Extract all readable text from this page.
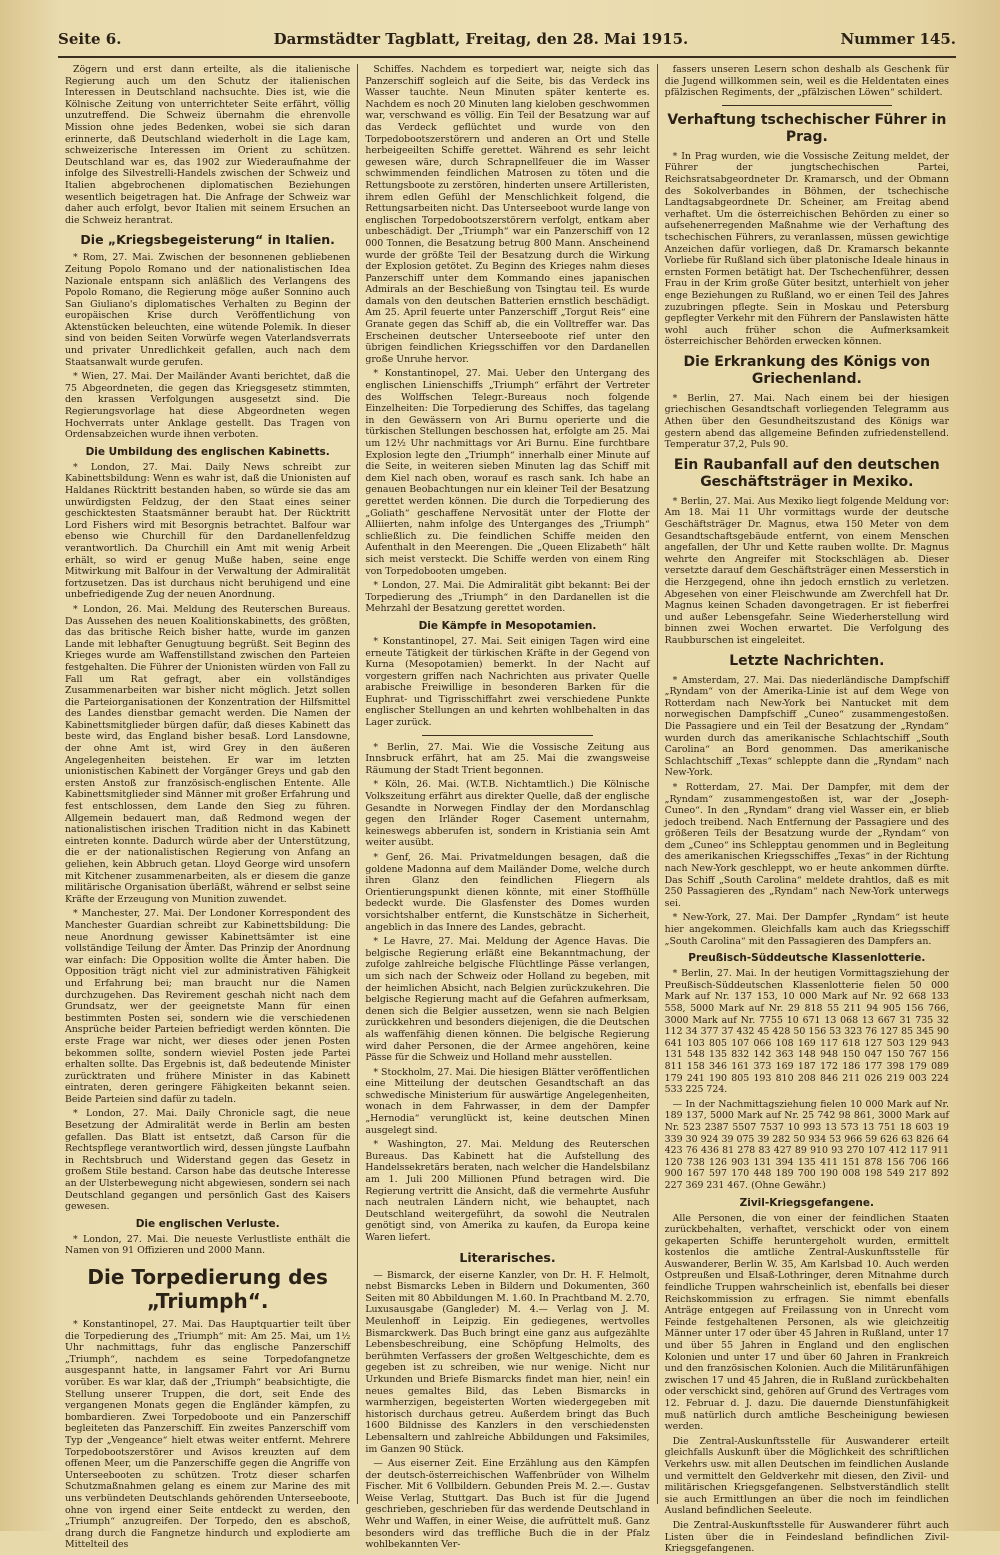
Seite 6.	Darmstädter Tagblatt, Freitag, den 28. Mai 1915.	Nummer 145.

Zögern und erst dann erteilte, als die italienische Regierung auch um den Schutz der italienischen Interessen in Deutschland nachsuchte. Dies ist, wie die Kölnische Zeitung von unterrichteter Seite erfährt, völlig unzutreffend. Die Schweiz übernahm die ehrenvolle Mission ohne jedes Bedenken, wobei sie sich daran erinnerte, daß Deutschland wiederholt in die Lage kam, schweizerische Interessen im Orient zu schützen. Deutschland war es, das 1902 zur Wiederaufnahme der infolge des Silvestrelli-Handels zwischen der Schweiz und Italien abgebrochenen diplomatischen Beziehungen wesentlich beigetragen hat. Die Anfrage der Schweiz war daher auch erfolgt, bevor Italien mit seinem Ersuchen an die Schweiz herantrat.

Die „Kriegsbegeisterung“ in Italien.

* Rom, 27. Mai. Zwischen der besonnenen gebliebenen Zeitung Popolo Romano und der nationalistischen Idea Nazionale entspann sich anläßlich des Verlangens des Popolo Romano, die Regierung möge außer Sonnino auch San Giuliano's diplomatisches Verhalten zu Beginn der europäischen Krise durch Veröffentlichung von Aktenstücken beleuchten, eine wütende Polemik. In dieser sind von beiden Seiten Vorwürfe wegen Vaterlandsverrats und privater Unredlichkeit gefallen, auch nach dem Staatsanwalt wurde gerufen.

* Wien, 27. Mai. Der Mailänder Avanti berichtet, daß die 75 Abgeordneten, die gegen das Kriegsgesetz stimmten, den krassen Verfolgungen ausgesetzt sind. Die Regierungsvorlage hat diese Abgeordneten wegen Hochverrats unter Anklage gestellt. Das Tragen von Ordensabzeichen wurde ihnen verboten.

Die Umbildung des englischen Kabinetts.

* London, 27. Mai. Daily News schreibt zur Kabinettsbildung: Wenn es wahr ist, daß die Unionisten auf Haldanes Rücktritt bestanden haben, so würde sie das am unwürdigsten Feldzug, der den Staat eines seiner geschicktesten Staatsmänner beraubt hat. Der Rücktritt Lord Fishers wird mit Besorgnis betrachtet. Balfour war ebenso wie Churchill für den Dardanellenfeldzug verantwortlich. Da Churchill ein Amt mit wenig Arbeit erhält, so wird er genug Muße haben, seine enge Mitwirkung mit Balfour in der Verwaltung der Admiralität fortzusetzen. Das ist durchaus nicht beruhigend und eine unbefriedigende Zug der neuen Anordnung.

* London, 26. Mai. Meldung des Reuterschen Bureaus. Das Aussehen des neuen Koalitionskabinetts, des größten, das das britische Reich bisher hatte, wurde im ganzen Lande mit lebhafter Genugtuung begrüßt. Seit Beginn des Krieges wurde am Waffenstillstand zwischen den Parteien festgehalten. Die Führer der Unionisten würden von Fall zu Fall um Rat gefragt, aber ein vollständiges Zusammenarbeiten war bisher nicht möglich. Jetzt sollen die Parteiorganisationen der Konzentration der Hilfsmittel des Landes dienstbar gemacht werden. Die Namen der Kabinettsmitglieder bürgen dafür, daß dieses Kabinett das beste wird, das England bisher besaß. Lord Lansdowne, der ohne Amt ist, wird Grey in den äußeren Angelegenheiten beistehen. Er war im letzten unionistischen Kabinett der Vorgänger Greys und gab den ersten Anstoß zur französisch-englischen Entente. Alle Kabinettsmitglieder sind Männer mit großer Erfahrung und fest entschlossen, dem Lande den Sieg zu führen. Allgemein bedauert man, daß Redmond wegen der nationalistischen irischen Tradition nicht in das Kabinett eintreten konnte. Dadurch würde aber der Unterstützung, die er der nationalistischen Regierung von Anfang an geliehen, kein Abbruch getan. Lloyd George wird unsofern mit Kitchener zusammenarbeiten, als er diesem die ganze militärische Organisation überläßt, während er selbst seine Kräfte der Erzeugung von Munition zuwendet.

* Manchester, 27. Mai. Der Londoner Korrespondent des Manchester Guardian schreibt zur Kabinettsbildung: Die neue Anordnung gewisser Kabinettsämter ist eine vollständige Teilung der Ämter. Das Prinzip der Anordnung war einfach: Die Opposition wollte die Ämter haben. Die Opposition trägt nicht viel zur administrativen Fähigkeit und Erfahrung bei; man braucht nur die Namen durchzugehen. Das Revirement geschah nicht nach dem Grundsatz, wer der geeignetste Mann für einen bestimmten Posten sei, sondern wie die verschiedenen Ansprüche beider Parteien befriedigt werden könnten. Die erste Frage war nicht, wer dieses oder jenen Posten bekommen sollte, sondern wieviel Posten jede Partei erhalten sollte. Das Ergebnis ist, daß bedeutende Minister zurücktraten und frühere Minister in das Kabinett eintraten, deren geringere Fähigkeiten bekannt seien. Beide Parteien sind dafür zu tadeln.

* London, 27. Mai. Daily Chronicle sagt, die neue Besetzung der Admiralität werde in Berlin am besten gefallen. Das Blatt ist entsetzt, daß Carson für die Rechtspflege verantwortlich wird, dessen jüngste Laufbahn in Rechtsbruch und Widerstand gegen das Gesetz in großem Stile bestand. Carson habe das deutsche Interesse an der Ulsterbewegung nicht abgewiesen, sondern sei nach Deutschland gegangen und persönlich Gast des Kaisers gewesen.

Die englischen Verluste.

* London, 27. Mai. Die neueste Verlustliste enthält die Namen von 91 Offizieren und 2000 Mann.

Die Torpedierung des „Triumph“.

* Konstantinopel, 27. Mai. Das Hauptquartier teilt über die Torpedierung des „Triumph“ mit: Am 25. Mai, um 1½ Uhr nachmittags, fuhr das englische Panzerschiff „Triumph“, nachdem es seine Torpedofangnetze ausgespannt hatte, in langsamer Fahrt vor Ari Burnu vorüber. Es war klar, daß der „Triumph“ beabsichtigte, die Stellung unserer Truppen, die dort, seit Ende des vergangenen Monats gegen die Engländer kämpfen, zu bombardieren. Zwei Torpedoboote und ein Panzerschiff begleiteten das Panzerschiff. Ein zweites Panzerschiff vom Typ der „Vengeance“ hielt etwas weiter entfernt. Mehrere Torpedobootszerstörer und Avisos kreuzten auf dem offenen Meer, um die Panzerschiffe gegen die Angriffe von Unterseebooten zu schützen. Trotz dieser scharfen Schutzmaßnahmen gelang es einem zur Marine des mit uns verbündeten Deutschlands gehörenden Unterseeboote, ohne von irgend einer Seite entdeckt zu werden, den „Triumph“ anzugreifen. Der Torpedo, den es abschoß, drang durch die Fangnetze hindurch und explodierte am Mittelteil des

Schiffes. Nachdem es torpediert war, neigte sich das Panzerschiff sogleich auf die Seite, bis das Verdeck ins Wasser tauchte. Neun Minuten später kenterte es. Nachdem es noch 20 Minuten lang kieloben geschwommen war, verschwand es völlig. Ein Teil der Besatzung war auf das Verdeck geflüchtet und wurde von den Torpedobootszerstörern und anderen an Ort und Stelle herbeigeeilten Schiffe gerettet. Während es sehr leicht gewesen wäre, durch Schrapnellfeuer die im Wasser schwimmenden feindlichen Matrosen zu töten und die Rettungsboote zu zerstören, hinderten unsere Artilleristen, ihrem edlen Gefühl der Menschlichkeit folgend, die Rettungsarbeiten nicht. Das Unterseeboot wurde lange von englischen Torpedobootszerstörern verfolgt, entkam aber unbeschädigt. Der „Triumph“ war ein Panzerschiff von 12 000 Tonnen, die Besatzung betrug 800 Mann. Anscheinend wurde der größte Teil der Besatzung durch die Wirkung der Explosion getötet. Zu Beginn des Krieges nahm dieses Panzerschiff unter dem Kommando eines japanischen Admirals an der Beschießung von Tsingtau teil. Es wurde damals von den deutschen Batterien ernstlich beschädigt. Am 25. April feuerte unter Panzerschiff „Torgut Reis“ eine Granate gegen das Schiff ab, die ein Volltreffer war. Das Erscheinen deutscher Unterseeboote rief unter den übrigen feindlichen Kriegsschiffen vor den Dardanellen große Unruhe hervor.

* Konstantinopel, 27. Mai. Ueber den Untergang des englischen Linienschiffs „Triumph“ erfährt der Vertreter des Wolffschen Telegr.-Bureaus noch folgende Einzelheiten: Die Torpedierung des Schiffes, das tagelang in den Gewässern von Ari Burnu operierte und die türkischen Stellungen beschossen hat, erfolgte am 25. Mai um 12½ Uhr nachmittags vor Ari Burnu. Eine furchtbare Explosion legte den „Triumph“ innerhalb einer Minute auf die Seite, in weiteren sieben Minuten lag das Schiff mit dem Kiel nach oben, worauf es rasch sank. Ich habe an genauen Beobachtungen nur ein kleiner Teil der Besatzung gerettet werden können. Die durch die Torpedierung des „Goliath“ geschaffene Nervosität unter der Flotte der Alliierten, nahm infolge des Unterganges des „Triumph“ schließlich zu. Die feindlichen Schiffe meiden den Aufenthalt in den Meerengen. Die „Queen Elizabeth“ hält sich meist versteckt. Die Schiffe werden von einem Ring von Torpedobooten umgeben.

* London, 27. Mai. Die Admiralität gibt bekannt: Bei der Torpedierung des „Triumph“ in den Dardanellen ist die Mehrzahl der Besatzung gerettet worden.

Die Kämpfe in Mesopotamien.

* Konstantinopel, 27. Mai. Seit einigen Tagen wird eine erneute Tätigkeit der türkischen Kräfte in der Gegend von Kurna (Mesopotamien) bemerkt. In der Nacht auf vorgestern griffen nach Nachrichten aus privater Quelle arabische Freiwillige in besonderen Barken für die Euphrat- und Tigrisschiffahrt zwei verschiedene Punkte englischer Stellungen an und kehrten wohlbehalten in das Lager zurück.

* Berlin, 27. Mai. Wie die Vossische Zeitung aus Innsbruck erfährt, hat am 25. Mai die zwangsweise Räumung der Stadt Trient begonnen.

* Köln, 26. Mai. (W.T.B. Nichtamtlich.) Die Kölnische Volkszeitung erfährt aus direkter Quelle, daß der englische Gesandte in Norwegen Findlay der den Mordanschlag gegen den Irländer Roger Casement unternahm, keineswegs abberufen ist, sondern in Kristiania sein Amt weiter ausübt.

* Genf, 26. Mai. Privatmeldungen besagen, daß die goldene Madonna auf dem Mailänder Dome, welche durch ihren Glanz den feindlichen Fliegern als Orientierungspunkt dienen könnte, mit einer Stoffhülle bedeckt wurde. Die Glasfenster des Domes wurden vorsichtshalber entfernt, die Kunstschätze in Sicherheit, angeblich in das Innere des Landes, gebracht.

* Le Havre, 27. Mai. Meldung der Agence Havas. Die belgische Regierung erläßt eine Bekanntmachung, der zufolge zahlreiche belgische Flüchtlinge Pässe verlangen, um sich nach der Schweiz oder Holland zu begeben, mit der heimlichen Absicht, nach Belgien zurückzukehren. Die belgische Regierung macht auf die Gefahren aufmerksam, denen sich die Belgier aussetzen, wenn sie nach Belgien zurückkehren und besonders diejenigen, die die Deutschen als waffenfähig dienen können. Die belgische Regierung wird daher Personen, die der Armee angehören, keine Pässe für die Schweiz und Holland mehr ausstellen.

* Stockholm, 27. Mai. Die hiesigen Blätter veröffentlichen eine Mitteilung der deutschen Gesandtschaft an das schwedische Ministerium für auswärtige Angelegenheiten, wonach in dem Fahrwasser, in dem der Dampfer „Hernodia“ verunglückt ist, keine deutschen Minen ausgelegt sind.

* Washington, 27. Mai. Meldung des Reuterschen Bureaus. Das Kabinett hat die Aufstellung des Handelssekretärs beraten, nach welcher die Handelsbilanz am 1. Juli 200 Millionen Pfund betragen wird. Die Regierung vertritt die Ansicht, daß die vermehrte Ausfuhr nach neutralen Ländern nicht, wie behauptet, nach Deutschland weitergeführt, da sowohl die Neutralen genötigt sind, von Amerika zu kaufen, da Europa keine Waren liefert.

Literarisches.

— Bismarck, der eiserne Kanzler, von Dr. H. F. Helmolt, nebst Bismarcks Leben in Bildern und Dokumenten, 360 Seiten mit 80 Abbildungen M. 1.60. In Prachtband M. 2.70, Luxusausgabe (Gangleder) M. 4.— Verlag von J. M. Meulenhoff in Leipzig. Ein gediegenes, wertvolles Bismarckwerk. Das Buch bringt eine ganz aus aufgezählte Lebensbeschreibung, eine Schöpfung Helmolts, des berühmten Verfassers der großen Weltgeschichte, dem es gegeben ist zu schreiben, wie nur wenige. Nicht nur Urkunden und Briefe Bismarcks findet man hier, nein! ein neues gemaltes Bild, das Leben Bismarcks in warmherzigen, begeisterten Worten wiedergegeben mit historisch durchaus getreu. Außerdem bringt das Buch 1600 Bildnisse des Kanzlers in den verschiedensten Lebensaltern und zahlreiche Abbildungen und Faksimiles, im Ganzen 90 Stück.

— Aus eiserner Zeit. Eine Erzählung aus den Kämpfen der deutsch-österreichischen Waffenbrüder von Wilhelm Fischer. Mit 6 Vollbildern. Gebunden Preis M. 2.—. Gustav Weise Verlag, Stuttgart. Das Buch ist für die Jugend geschrieben, geschrieben für das werdende Deutschland in Wehr und Waffen, in einer Weise, die aufrüttelt muß. Ganz besonders wird das treffliche Buch die in der Pfalz wohlbekannten Ver-

fassers unseren Lesern schon deshalb als Geschenk für die Jugend willkommen sein, weil es die Heldentaten eines pfälzischen Regiments, der „pfälzischen Löwen“ schildert.

Verhaftung tschechischer Führer in Prag.

* In Prag wurden, wie die Vossische Zeitung meldet, der Führer der jungtschechischen Partei, Reichsratsabgeordneter Dr. Kramarsch, und der Obmann des Sokolverbandes in Böhmen, der tschechische Landtagsabgeordnete Dr. Scheiner, am Freitag abend verhaftet. Um die österreichischen Behörden zu einer so aufsehenerregenden Maßnahme wie der Verhaftung des tschechischen Führers, zu veranlassen, müssen gewichtige Anzeichen dafür vorliegen, daß Dr. Kramarsch bekannte Vorliebe für Rußland sich über platonische Ideale hinaus in ernsten Formen betätigt hat. Der Tschechenführer, dessen Frau in der Krim große Güter besitzt, unterhielt von jeher enge Beziehungen zu Rußland, wo er einen Teil des Jahres zuzubringen pflegte. Sein in Moskau und Petersburg gepflegter Verkehr mit den Führern der Panslawisten hätte wohl auch früher schon die Aufmerksamkeit österreichischer Behörden erwecken können.

Die Erkrankung des Königs von Griechenland.

* Berlin, 27. Mai. Nach einem bei der hiesigen griechischen Gesandtschaft vorliegenden Telegramm aus Athen über den Gesundheitszustand des Königs war gestern abend das allgemeine Befinden zufriedenstellend. Temperatur 37,2, Puls 90.

Ein Raubanfall auf den deutschen Geschäftsträger in Mexiko.

* Berlin, 27. Mai. Aus Mexiko liegt folgende Meldung vor: Am 18. Mai 11 Uhr vormittags wurde der deutsche Geschäftsträger Dr. Magnus, etwa 150 Meter von dem Gesandtschaftsgebäude entfernt, von einem Menschen angefallen, der Uhr und Kette rauben wollte. Dr. Magnus wehrte den Angreifer mit Stockschlägen ab. Dieser versetzte darauf dem Geschäftsträger einen Messerstich in die Herzgegend, ohne ihn jedoch ernstlich zu verletzen. Abgesehen von einer Fleischwunde am Zwerchfell hat Dr. Magnus keinen Schaden davongetragen. Er ist fieberfrei und außer Lebensgefahr. Seine Wiederherstellung wird binnen zwei Wochen erwartet. Die Verfolgung des Raubburschen ist eingeleitet.

Letzte Nachrichten.

* Amsterdam, 27. Mai. Das niederländische Dampfschiff „Ryndam“ von der Amerika-Linie ist auf dem Wege von Rotterdam nach New-York bei Nantucket mit dem norwegischen Dampfschiff „Cuneo“ zusammengestoßen. Die Passagiere und ein Teil der Besatzung der „Ryndam“ wurden durch das amerikanische Schlachtschiff „South Carolina“ an Bord genommen. Das amerikanische Schlachtschiff „Texas“ schleppte dann die „Ryndam“ nach New-York.

* Rotterdam, 27. Mai. Der Dampfer, mit dem der „Ryndam“ zusammengestoßen ist, war der „Joseph-Cuneo“. In den „Ryndam“ drang viel Wasser ein, er blieb jedoch treibend. Nach Entfernung der Passagiere und des größeren Teils der Besatzung wurde der „Ryndam“ von dem „Cuneo“ ins Schlepptau genommen und in Begleitung des amerikanischen Kriegsschiffes „Texas“ in der Richtung nach New-York geschleppt, wo er heute ankommen dürfte. Das Schiff „South Carolina“ meldete drahtlos, daß es mit 250 Passagieren des „Ryndam“ nach New-York unterwegs sei.

* New-York, 27. Mai. Der Dampfer „Ryndam“ ist heute hier angekommen. Gleichfalls kam auch das Kriegsschiff „South Carolina“ mit den Passagieren des Dampfers an.

Preußisch-Süddeutsche Klassenlotterie.

* Berlin, 27. Mai. In der heutigen Vormittagsziehung der Preußisch-Süddeutschen Klassenlotterie fielen 50 000 Mark auf Nr. 137 153, 10 000 Mark auf Nr. 92 668 133 558, 5000 Mark auf Nr. 29 818 55 211 94 905 156 766, 3000 Mark auf Nr. 7755 10 671 13 068 13 667 31 735 32 112 34 377 37 432 45 428 50 156 53 323 76 127 85 345 90 641 103 805 107 066 108 169 117 618 127 503 129 943 131 548 135 832 142 363 148 948 150 047 150 767 156 811 158 346 161 373 169 187 172 186 177 398 179 089 179 241 190 805 193 810 208 846 211 026 219 003 224 533 225 724.

— In der Nachmittagsziehung fielen 10 000 Mark auf Nr. 189 137, 5000 Mark auf Nr. 25 742 98 861, 3000 Mark auf Nr. 523 2387 5507 7537 10 993 13 573 13 751 18 603 19 339 30 924 39 075 39 282 50 934 53 966 59 626 63 826 64 423 76 436 81 278 83 427 89 910 93 270 107 412 117 911 120 738 126 903 131 394 135 411 151 878 156 706 166 900 167 597 170 448 189 700 190 008 198 549 217 892 227 369 231 467. (Ohne Gewähr.)

Zivil-Kriegsgefangene.

Alle Personen, die von einer der feindlichen Staaten zurückbehalten, verhaftet, verschickt oder von einem gekaperten Schiffe heruntergeholt wurden, ermittelt kostenlos die amtliche Zentral-Auskunftsstelle für Auswanderer, Berlin W. 35, Am Karlsbad 10. Auch werden Ostpreußen und Elsaß-Lothringer, deren Mitnahme durch feindliche Truppen wahrscheinlich ist, ebenfalls bei dieser Reichskommission zu erfragen. Sie nimmt ebenfalls Anträge entgegen auf Freilassung von in Unrecht vom Feinde festgehaltenen Personen, als wie gleichzeitig Männer unter 17 oder über 45 Jahren in Rußland, unter 17 und über 55 Jahren in England und den englischen Kolonien und unter 17 und über 60 Jahren in Frankreich und den französischen Kolonien. Auch die Militärunfähigen zwischen 17 und 45 Jahren, die in Rußland zurückbehalten oder verschickt sind, gehören auf Grund des Vertrages vom 12. Februar d. J. dazu. Die dauernde Dienstunfähigkeit muß natürlich durch amtliche Bescheinigung bewiesen werden.

Die Zentral-Auskunftsstelle für Auswanderer erteilt gleichfalls Auskunft über die Möglichkeit des schriftlichen Verkehrs usw. mit allen Deutschen im feindlichen Auslande und vermittelt den Geldverkehr mit diesen, den Zivil- und militärischen Kriegsgefangenen. Selbstverständlich stellt sie auch Ermittlungen an über die noch im feindlichen Ausland befindlichen Seeleute.

Die Zentral-Auskunftsstelle für Auswanderer führt auch Listen über die in Feindesland befindlichen Zivil-Kriegsgefangenen.
